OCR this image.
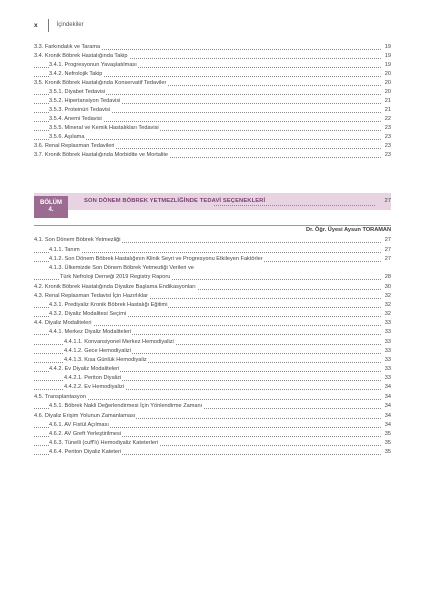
x	İçindekiler
3.3. Farkındalık ve Tarama	19
3.4. Kronik Böbrek Hastalığında Takip	19
3.4.1. Progresyonun Yavaşlatılması	19
3.4.2. Nefrolojik Takip	20
3.5. Kronik Böbrek Hastalığında Konservatif Tedaviler	20
3.5.1. Diyabet Tedavisi	20
3.5.2. Hipertansiyon Tedavisi	21
3.5.3. Proteinüri Tedavisi	21
3.5.4. Anemi Tedavisi	22
3.5.5. Mineral ve Kemik Hastalıkları Tedavisi	23
3.5.6. Aşılama	23
3.6. Renal Replasman Tedavileri	23
3.7. Kronik Böbrek Hastalığında Morbidite ve Mortalite	23
BÖLÜM
4.
SON DÖNEM BÖBREK YETMEZLİĞİNDE TEDAVİ SEÇENEKLERİ	27
Dr. Öğr. Üyesi Aysun TORAMAN
4.1. Son Dönem Böbrek Yetmezliği	27
4.1.1. Tanım	27
4.1.2. Son Dönem Böbrek Hastalığının Klinik Seyri ve Progresyonu Etkileyen Faktörler	27
4.1.3. Ülkemizde Son Dönem Böbrek Yetmezliği Verileri ve
Türk Nefroloji Derneği 2019 Registry Raporu	28
4.2. Kronik Böbrek Hastalığında Diyalize Başlama Endikasyonları	30
4.3. Renal Replasman Tedavisi İçin Hazırlıklar	32
4.3.1. Prediyaliz Kronik Böbrek Hastalığı Eğitimi	32
4.3.2. Diyaliz Modalitesi Seçimi	32
4.4. Diyaliz Modaliteleri	33
4.4.1. Merkez Diyaliz Modaliteleri	33
4.4.1.1. Konvansiyonel Merkez Hemodiyalizi	33
4.4.1.2. Gece Hemodiyalizi	33
4.4.1.3. Kısa Günlük Hemodiyaliz	33
4.4.2. Ev Diyaliz Modaliteleri	33
4.4.2.1. Periton Diyalizi	33
4.4.2.2. Ev Hemodiyalizi	34
4.5. Transplantasyon	34
4.5.1. Böbrek Nakli Değerlendirmesi İçin Yönlendirme Zamanı	34
4.6. Diyaliz Erişim Yolunun Zamanlaması	34
4.6.1. AV Fistül Açılması	34
4.6.2. AV Greft Yerleştirilmesi	35
4.6.3. Tünelli (cuff'lı) Hemodiyaliz Kateterleri	35
4.6.4. Periton Diyaliz Kateteri	35
